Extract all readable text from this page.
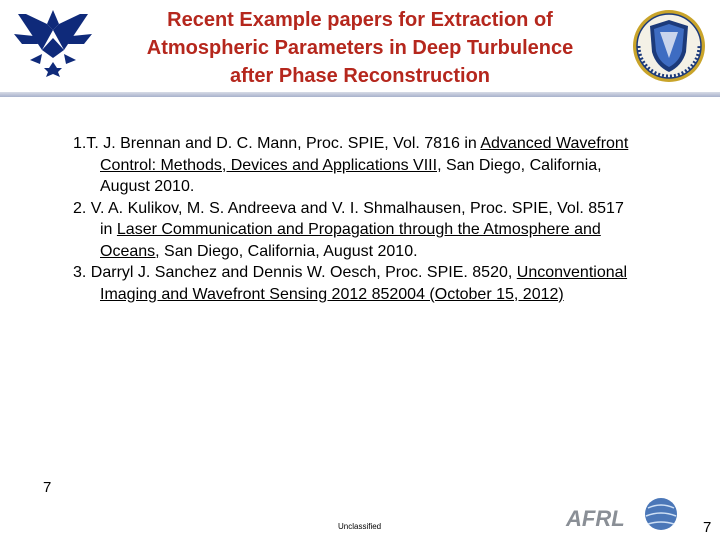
Recent Example papers for Extraction of
Atmospheric Parameters in Deep Turbulence
after Phase Reconstruction
1.T. J. Brennan and D. C. Mann, Proc. SPIE, Vol. 7816 in Advanced Wavefront Control: Methods, Devices and Applications VIII, San Diego, California, August 2010.
2. V. A. Kulikov, M. S. Andreeva and V. I. Shmalhausen, Proc. SPIE, Vol. 8517 in Laser Communication and Propagation through the Atmosphere and Oceans, San Diego, California, August 2010.
3. Darryl J. Sanchez and Dennis W. Oesch, Proc. SPIE. 8520, Unconventional Imaging and Wavefront Sensing 2012 852004 (October 15, 2012)
7
Unclassified	AFRL	7
